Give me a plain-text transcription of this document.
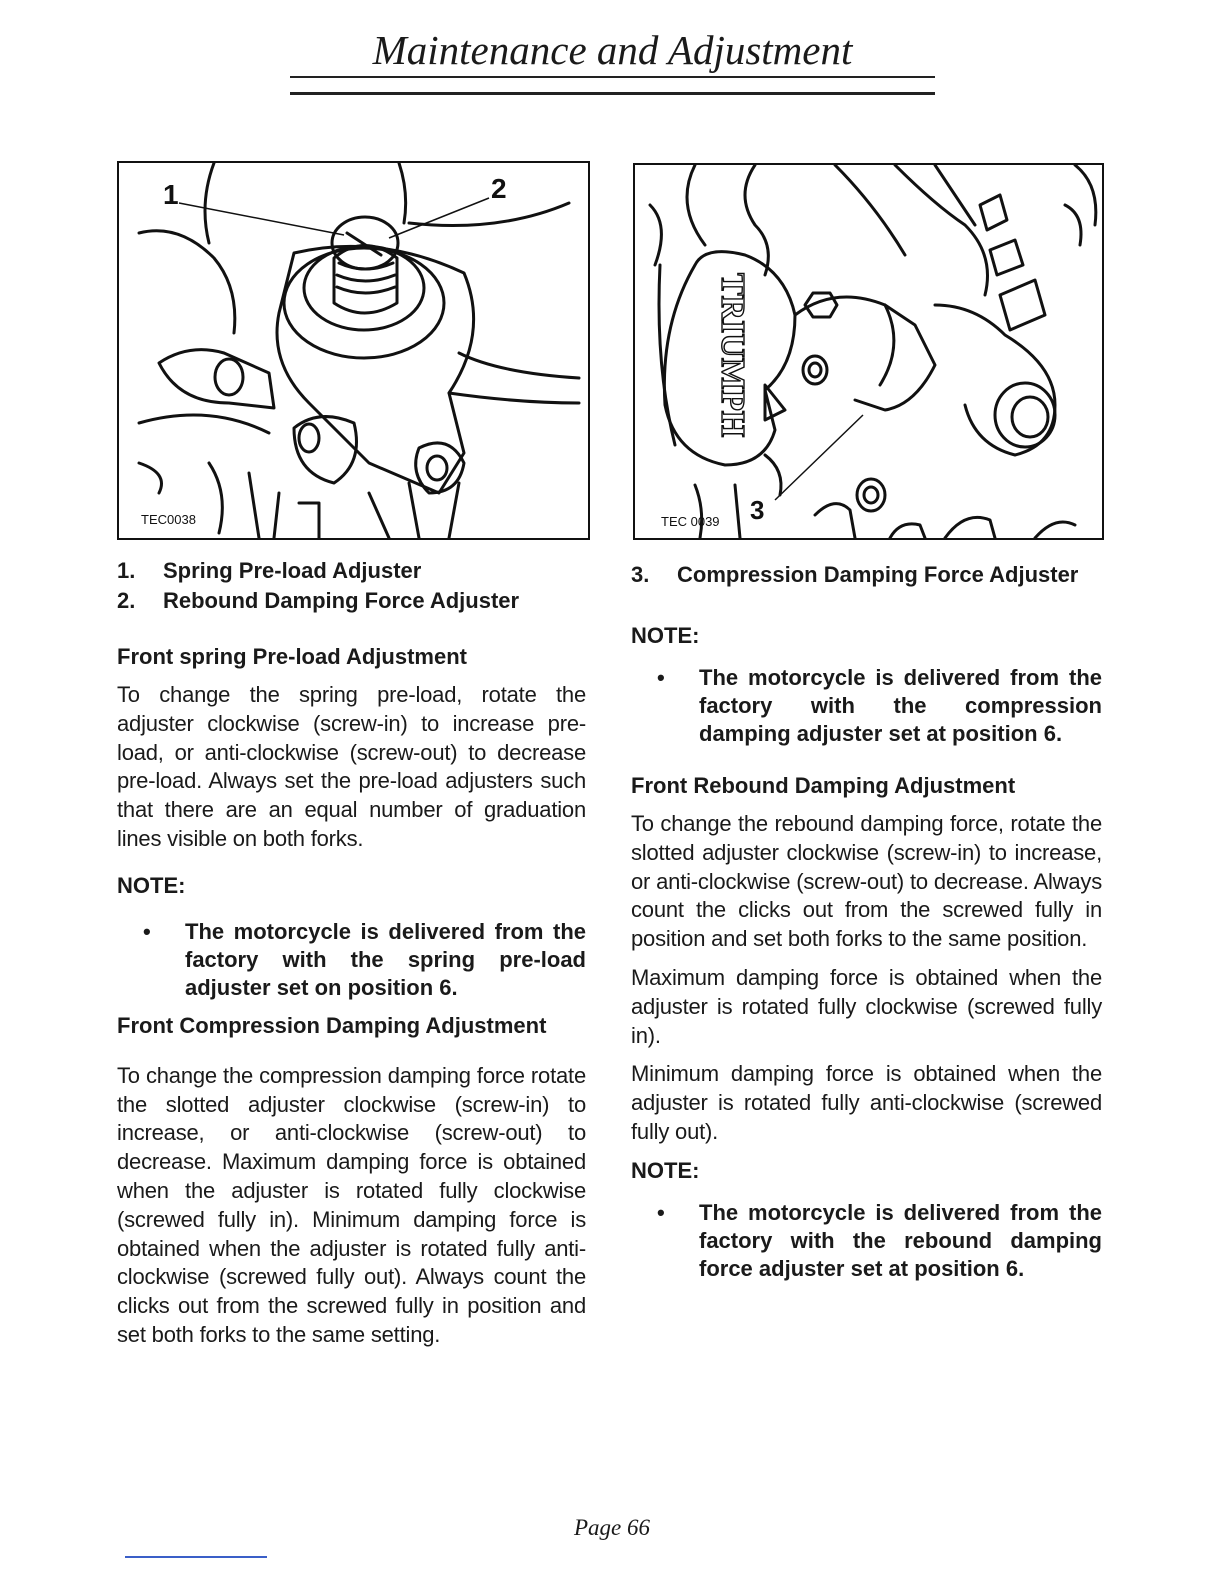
Maintenance and Adjustment
1	2
TEC0038
TRIUMPH
3
TEC 0039
1. Spring Pre-load Adjuster
2. Rebound Damping Force Adjuster
Front spring Pre-load Adjustment

To change the spring pre-load, rotate the adjuster clockwise (screw-in) to increase pre-load, or anti-clockwise (screw-out) to decrease pre-load. Always set the pre-load adjusters such that there are an equal number of graduation lines visible on both forks.

NOTE:

• The motorcycle is delivered from the factory with the spring pre-load adjuster set on position 6.

Front Compression Damping Adjustment

To change the compression damping force rotate the slotted adjuster clockwise (screw-in) to increase, or anti-clockwise (screw-out) to decrease. Maximum damping force is obtained when the adjuster is rotated fully clockwise (screwed fully in). Minimum damping force is obtained when the adjuster is rotated fully anti-clockwise (screwed fully out). Always count the clicks out from the screwed fully in position and set both forks to the same setting.

3. Compression Damping Force Adjuster

NOTE:

• The motorcycle is delivered from the factory with the compression damping adjuster set at position 6.

Front Rebound Damping Adjustment

To change the rebound damping force, rotate the slotted adjuster clockwise (screw-in) to increase, or anti-clockwise (screw-out) to decrease. Always count the clicks out from the screwed fully in position and set both forks to the same position.

Maximum damping force is obtained when the adjuster is rotated fully clockwise (screwed fully in).

Minimum damping force is obtained when the adjuster is rotated fully anti-clockwise (screwed fully out).

NOTE:

• The motorcycle is delivered from the factory with the rebound damping force adjuster set at position 6.

Page 66
